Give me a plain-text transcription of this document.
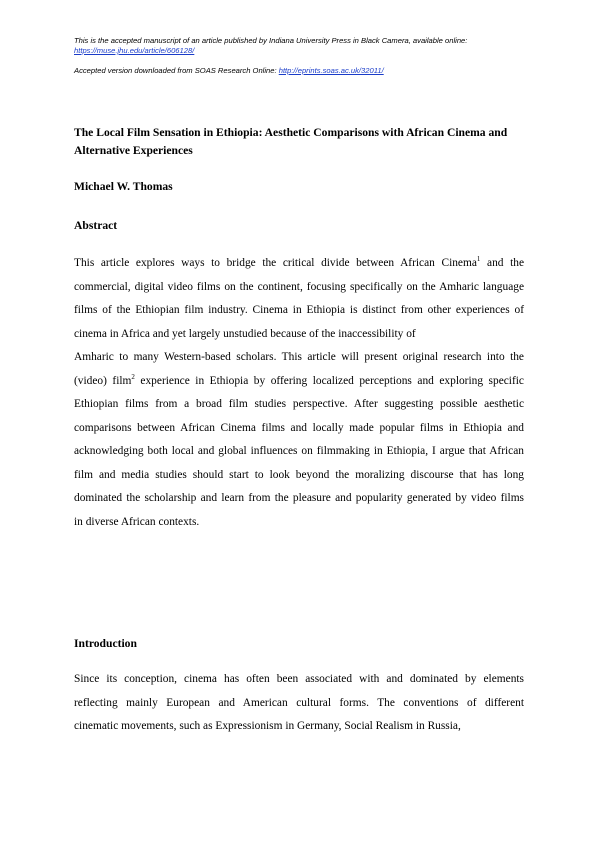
This is the accepted manuscript of an article published by Indiana University Press in Black Camera, available online:
https://muse.jhu.edu/article/606128/
Accepted version downloaded from SOAS Research Online: http://eprints.soas.ac.uk/32011/
The Local Film Sensation in Ethiopia: Aesthetic Comparisons with African Cinema and
Alternative Experiences
Michael W. Thomas
Abstract
This article explores ways to bridge the critical divide between African Cinema$^1$ and the
commercial, digital video films on the continent, focusing specifically on the Amharic language
films of the Ethiopian film industry. Cinema in Ethiopia is distinct from other experiences of
cinema in Africa and yet largely unstudied because of the inaccessibility of
Amharic to many Western-based scholars. This article will present original research into the
(video) film$^2$ experience in Ethiopia by offering localized perceptions and exploring specific
Ethiopian films from a broad film studies perspective. After suggesting possible aesthetic
comparisons between African Cinema films and locally made popular films in Ethiopia and
acknowledging both local and global influences on filmmaking in Ethiopia, I argue that African
film and media studies should start to look beyond the moralizing discourse that has long
dominated the scholarship and learn from the pleasure and popularity generated by video films
in diverse African contexts.
Introduction
Since its conception, cinema has often been associated with and dominated by elements
reflecting mainly European and American cultural forms. The conventions of different
cinematic movements, such as Expressionism in Germany, Social Realism in Russia,
